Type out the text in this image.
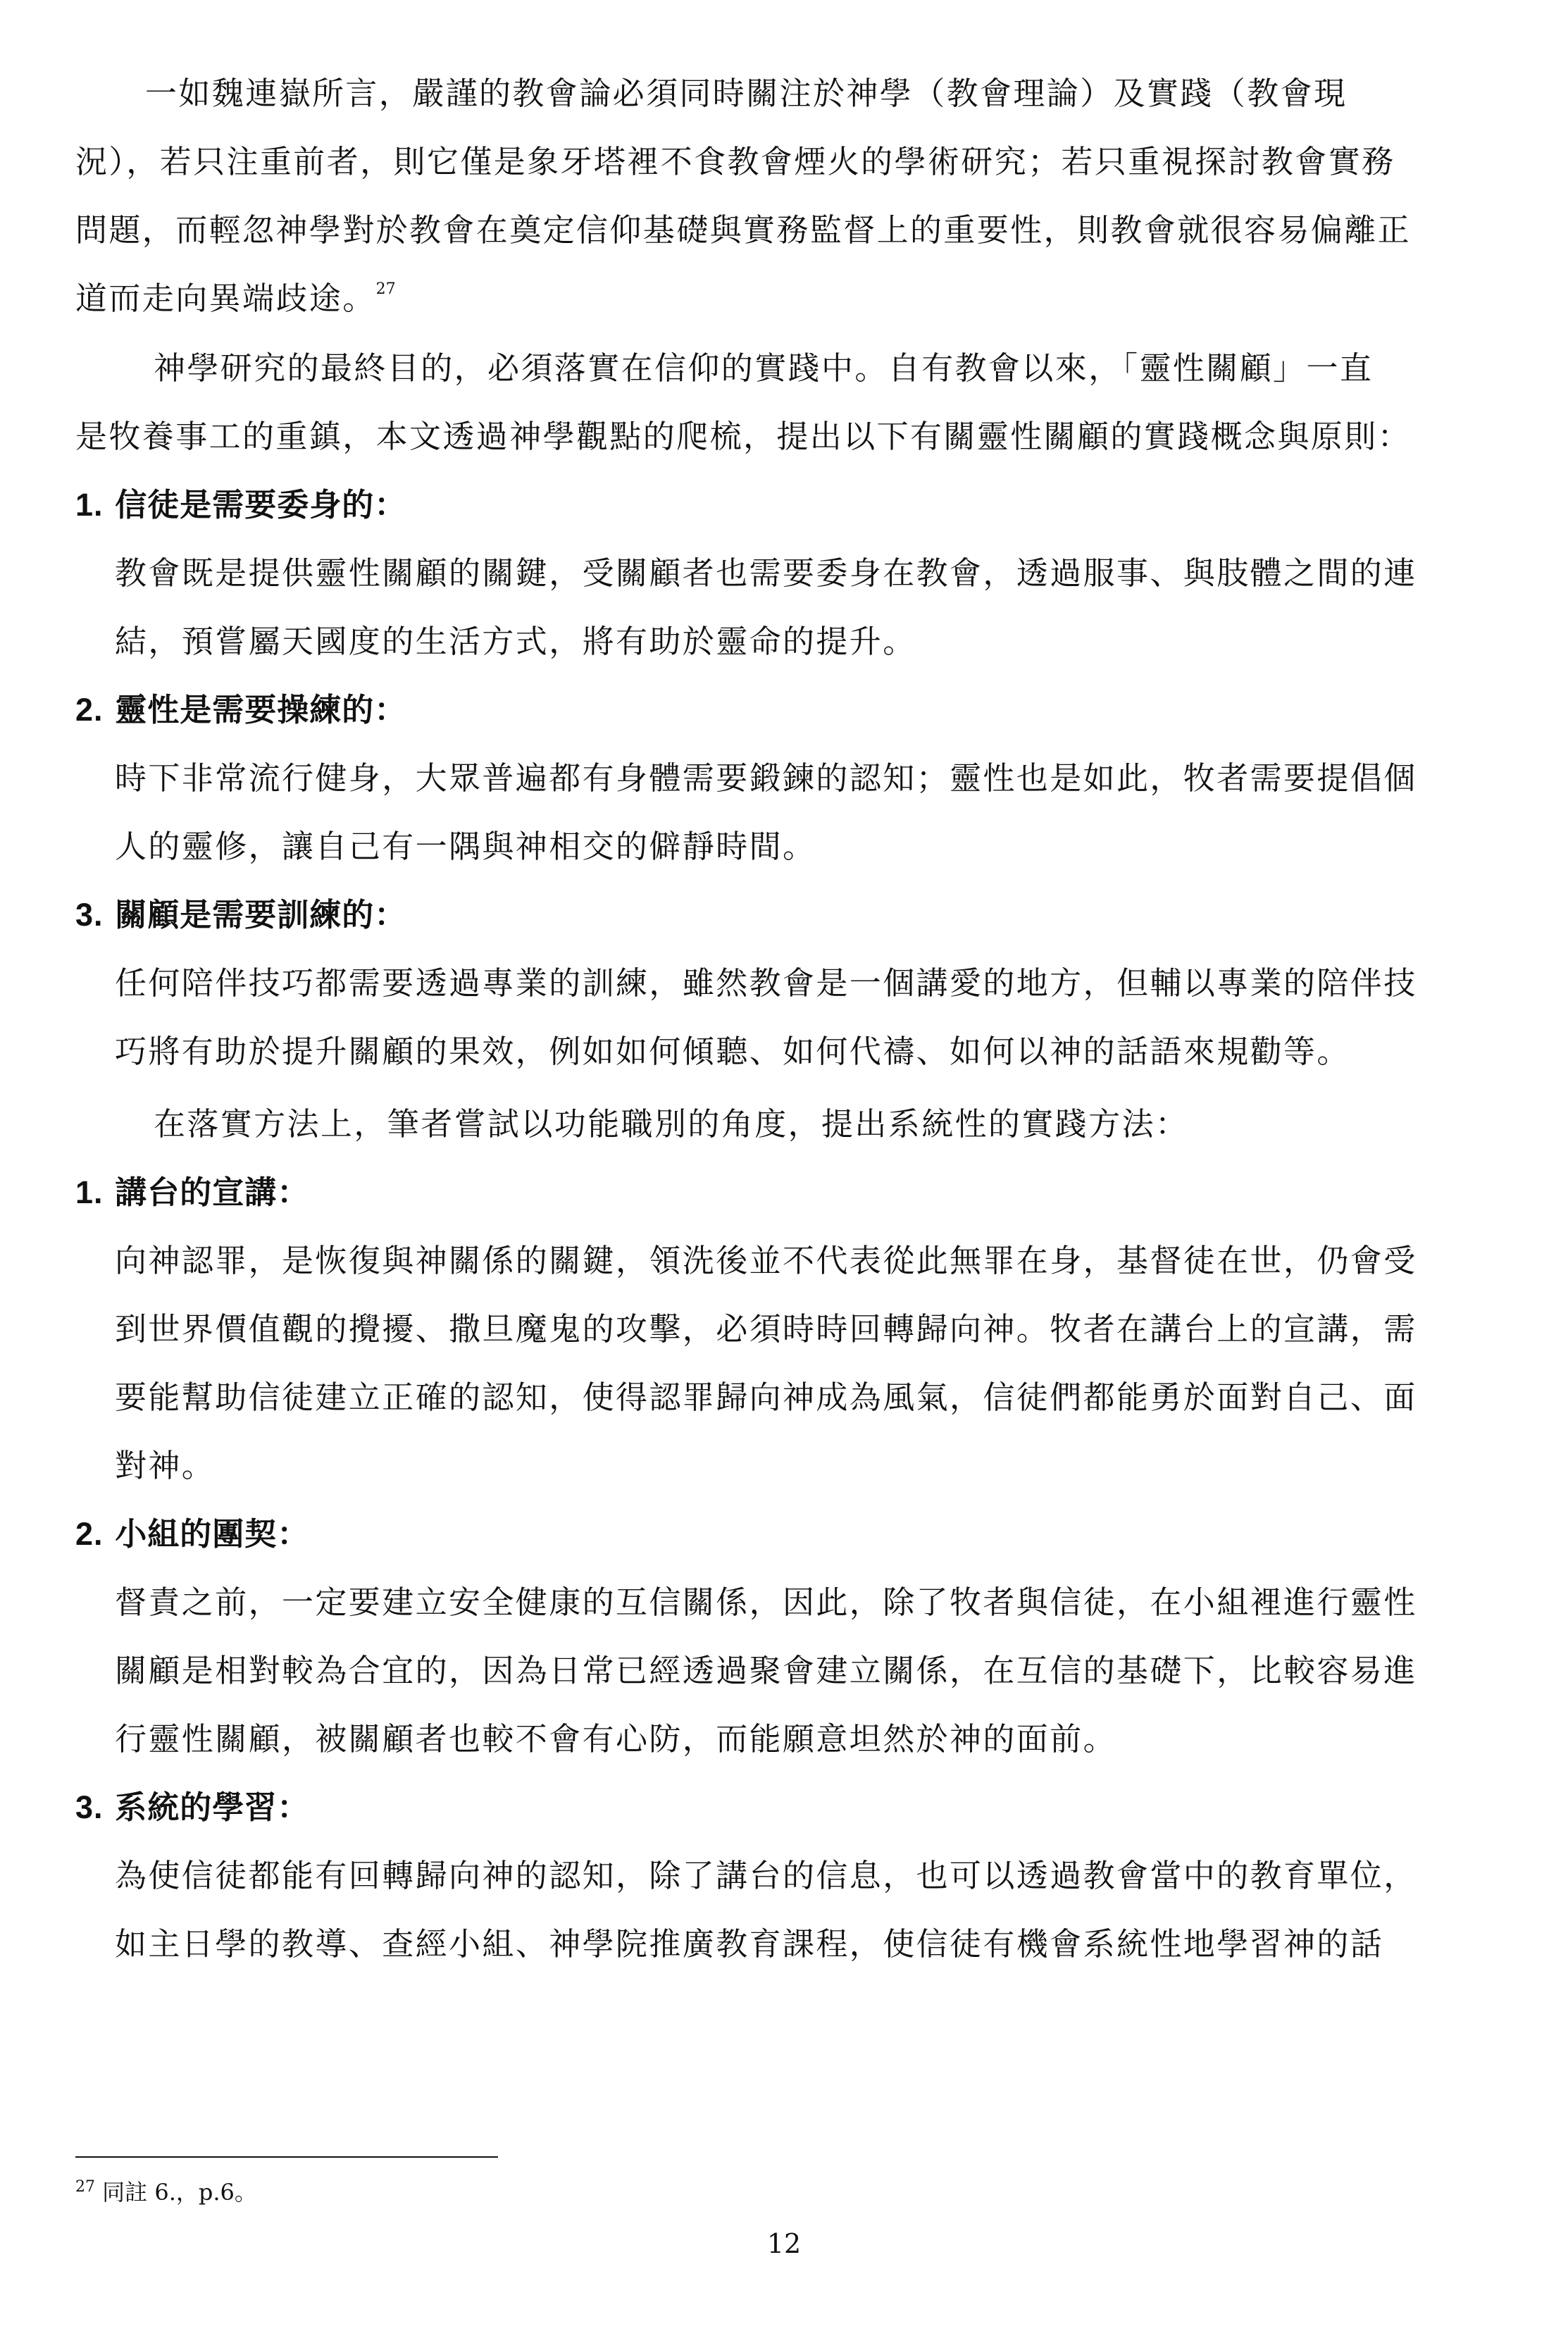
一如魏連嶽所言，嚴謹的教會論必須同時關注於神學（教會理論）及實踐（教會現
況），若只注重前者，則它僅是象牙塔裡不食教會煙火的學術研究；若只重視探討教會實務
問題，而輕忽神學對於教會在奠定信仰基礎與實務監督上的重要性，則教會就很容易偏離正
道而走向異端歧途。$^{27}$
神學研究的最終目的，必須落實在信仰的實踐中。自有教會以來，「靈性關顧」一直
是牧養事工的重鎮，本文透過神學觀點的爬梳，提出以下有關靈性關顧的實踐概念與原則：
1. 信徒是需要委身的：
教會既是提供靈性關顧的關鍵，受關顧者也需要委身在教會，透過服事、與肢體之間的連
結，預嘗屬天國度的生活方式，將有助於靈命的提升。
2. 靈性是需要操練的：
時下非常流行健身，大眾普遍都有身體需要鍛鍊的認知；靈性也是如此，牧者需要提倡個
人的靈修，讓自己有一隅與神相交的僻靜時間。
3. 關顧是需要訓練的：
任何陪伴技巧都需要透過專業的訓練，雖然教會是一個講愛的地方，但輔以專業的陪伴技
巧將有助於提升關顧的果效，例如如何傾聽、如何代禱、如何以神的話語來規勸等。
在落實方法上，筆者嘗試以功能職別的角度，提出系統性的實踐方法：
1. 講台的宣講：
向神認罪，是恢復與神關係的關鍵，領洗後並不代表從此無罪在身，基督徒在世，仍會受
到世界價值觀的攪擾、撒旦魔鬼的攻擊，必須時時回轉歸向神。牧者在講台上的宣講，需
要能幫助信徒建立正確的認知，使得認罪歸向神成為風氣，信徒們都能勇於面對自己、面
對神。
2. 小組的團契：
督責之前，一定要建立安全健康的互信關係，因此，除了牧者與信徒，在小組裡進行靈性
關顧是相對較為合宜的，因為日常已經透過聚會建立關係，在互信的基礎下，比較容易進
行靈性關顧，被關顧者也較不會有心防，而能願意坦然於神的面前。
3. 系統的學習：
為使信徒都能有回轉歸向神的認知，除了講台的信息，也可以透過教會當中的教育單位，
如主日學的教導、查經小組、神學院推廣教育課程，使信徒有機會系統性地學習神的話
$^{27}$ 同註 6.，p.6。
12
